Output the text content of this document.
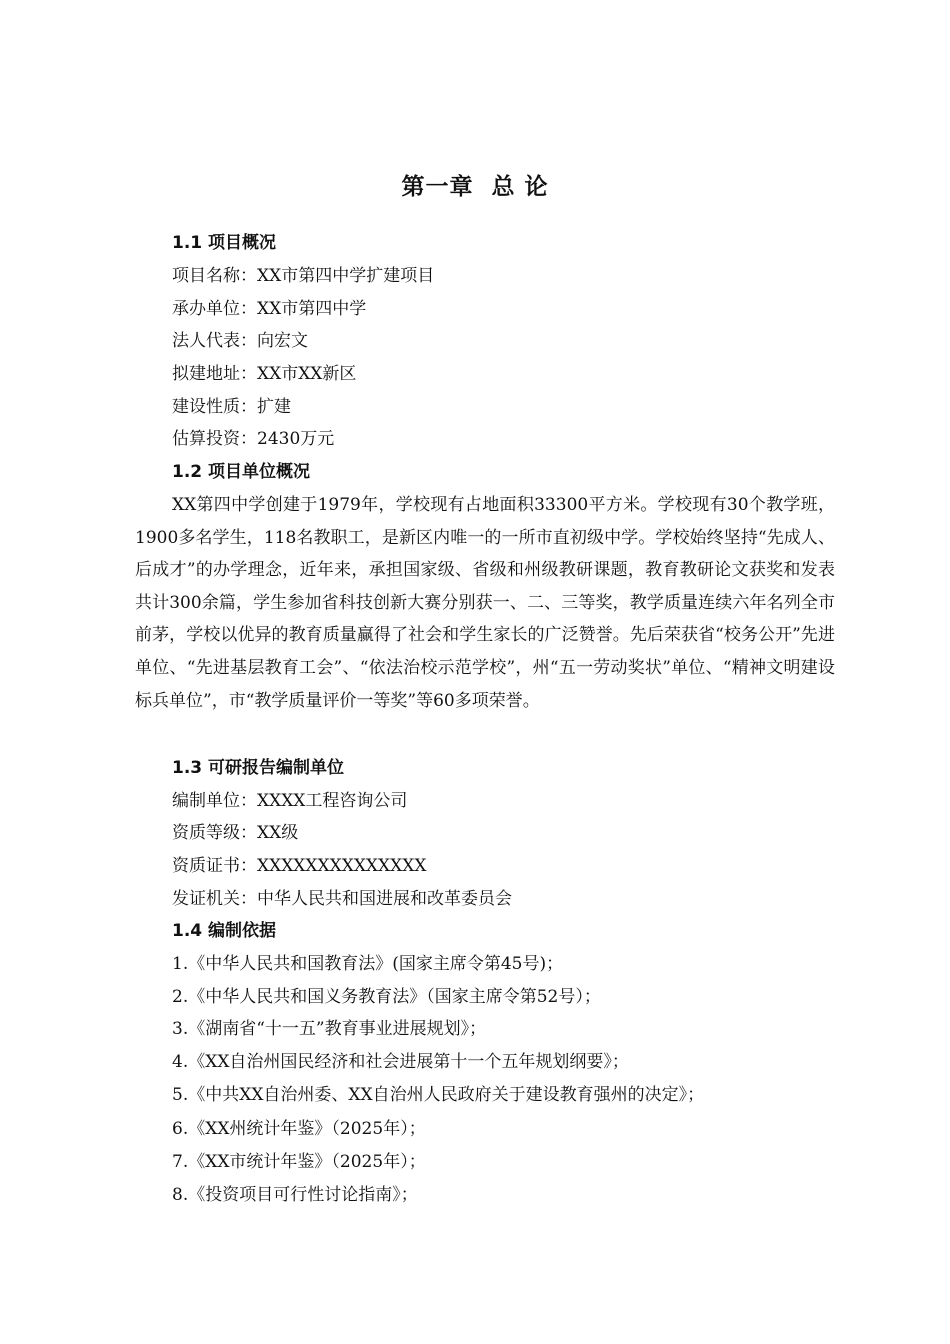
第一章  总 论
1.1 项目概况
项目名称：XX市第四中学扩建项目
承办单位：XX市第四中学
法人代表：向宏文
拟建地址：XX市XX新区
建设性质：扩建
估算投资：2430万元
1.2 项目单位概况

XX第四中学创建于1979年，学校现有占地面积33300平方米。学校现有30个教学班，1900多名学生，118名教职工，是新区内唯一的一所市直初级中学。学校始终坚持“先成人、后成才”的办学理念，近年来，承担国家级、省级和州级教研课题，教育教研论文获奖和发表共计300余篇，学生参加省科技创新大赛分别获一、二、三等奖，教学质量连续六年名列全市前茅，学校以优异的教育质量赢得了社会和学生家长的广泛赞誉。先后荣获省“校务公开”先进单位、“先进基层教育工会”、“依法治校示范学校”，州“五一劳动奖状”单位、“精神文明建设标兵单位”，市“教学质量评价一等奖”等60多项荣誉。

1.3 可研报告编制单位
编制单位：XXXX工程咨询公司
资质等级：XX级
资质证书：XXXXXXXXXXXXXX
发证机关：中华人民共和国进展和改革委员会
1.4 编制依据
1.《中华人民共和国教育法》(国家主席令第45号)；
2.《中华人民共和国义务教育法》（国家主席令第52号）；
3.《湖南省“十一五”教育事业进展规划》；
4.《XX自治州国民经济和社会进展第十一个五年规划纲要》；
5.《中共XX自治州委、XX自治州人民政府关于建设教育强州的决定》；
6.《XX州统计年鉴》（2025年）；
7.《XX市统计年鉴》（2025年）；
8.《投资项目可行性讨论指南》；
